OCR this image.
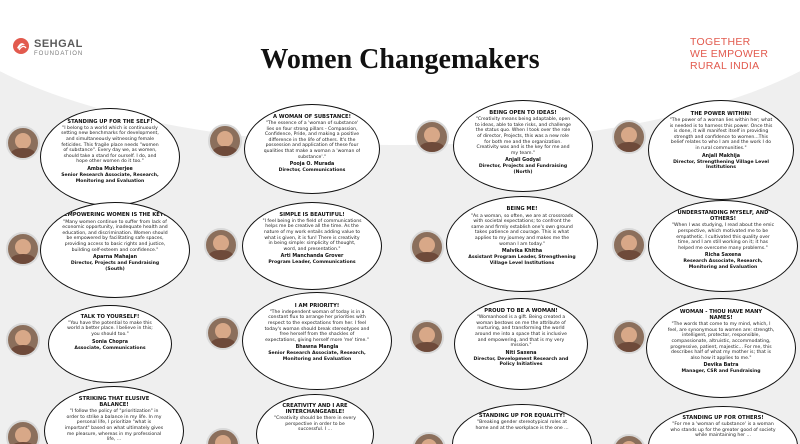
SEHGAL
FOUNDATION
TOGETHER
WE EMPOWER
RURAL INDIA
Women Changemakers
STANDING UP FOR THE SELF!
"I belong to a world which is continuously setting new benchmarks for development, and simultaneously witnessing female feticides. This fragile place needs "women of substance". Every day we, as women, should take a stand for ourself. I do, and hope other women do it too."
Amba Mukherjee
Senior Research Associate, Research, Monitoring and Evaluation
A WOMAN OF SUBSTANCE!
"The essence of a 'woman of substance' lies on four strong pillars - Compassion, Confidence, Pride, and making a positive difference in the life of others. It's the possession and application of these four qualities that make a woman a 'woman of substance'."
Pooja O. Murada
Director, Communications
BEING OPEN TO IDEAS!
"Creativity means being adaptable, open to ideas, able to take risks, and challenge the status quo. When I took over the role of director, Projects, this was a new role for both me and the organization. Creativity was and is the key for me and my team."
Anjali Godyal
Director, Projects and Fundraising (North)
THE POWER WITHIN!
"The power of a woman lies within her; what is needed is to harness this power. Once this is done, it will manifest itself in providing strength and confidence to women...This belief relates to who I am and the work I do in rural communities."
Anjali Makhija
Director, Strengthening Village Level Institutions
EMPOWERING WOMEN IS THE KEY!
"Many women continue to suffer from lack of economic opportunity, inadequate health and education, and discrimination. Women should be empowered by facilitating safe spaces, providing access to basic rights and justice, building self-esteem and confidence."
Aparna Mahajan
Director, Projects and Fundraising (South)
SIMPLE IS BEAUTIFUL!
"I feel being in the field of communications helps me be creative all the time. As the nature of my work entails adding value to what is given, it is fun! There is creativity in being simple: simplicity of thought, word, and presentation."
Arti Manchanda Grover
Program Leader, Communications
BEING ME!
"As a woman, so often, we are at crossroads with societal expectations; to confront the same and firmly establish one's own ground takes patience and courage. This is what applies to my journey and makes me the woman I am today."
Malvika Khitha
Assistant Program Leader, Strengthening Village Level Institutions
UNDERSTANDING MYSELF, AND OTHERS!
"When I was studying, I read about the emic perspective, which motivated me to be empathetic. I cultivated this quality over time, and I am still working on it; it has helped me overcome many problems."
Richa Saxena
Research Associate, Research, Monitoring and Evaluation
TALK TO YOURSELF!
"You have the potential to make this world a better place. I believe in this; you should too."
Sonia Chopra
Associate, Communications
I AM PRIORITY!
"The independent woman of today is in a constant flux to arrange her priorities with respect to the expectations from her. I feel today's woman should break stereotypes and free herself from the shackles of expectations, giving herself more 'me' time."
Bhawna Mangla
Senior Research Associate, Research, Monitoring and Evaluation
PROUD TO BE A WOMAN!
"Womanhood is a gift. Being created a woman bestows on me the attribute of nurturing, and transforming the world around me into a space that is inclusive and empowering, and that is my very mission."
Niti Saxena
Director, Development Research and Policy Initiatives
WOMAN - THOU HAVE MANY NAMES!
"The words that come to my mind, which, I feel, are synonymous to women are: strength, intelligent, protector, responsible, compassionate, altruistic, accommodating, progressive, patient, majestic... For me, this describes half of what my mother is; that is also how it applies to me."
Devika Batra
Manager, CSR and Fundraising
STRIKING THAT ELUSIVE BALANCE!
"I follow the policy of "prioritization" in order to strike a balance in my life. In my personal life, I prioritize "what is important" based on what ultimately gives me pleasure, whereas in my professional life, ...
CREATIVITY AND I ARE INTERCHANGEABLE!
"Creativity should be there in every perspective in order to be successful. I ...
STANDING UP FOR EQUALITY!
"Breaking gender stereotypical roles at home and at the workplace is the one ...
STANDING UP FOR OTHERS!
"For me a 'woman of substance' is a woman who stands up for the greater good of society while maintaining her ...
